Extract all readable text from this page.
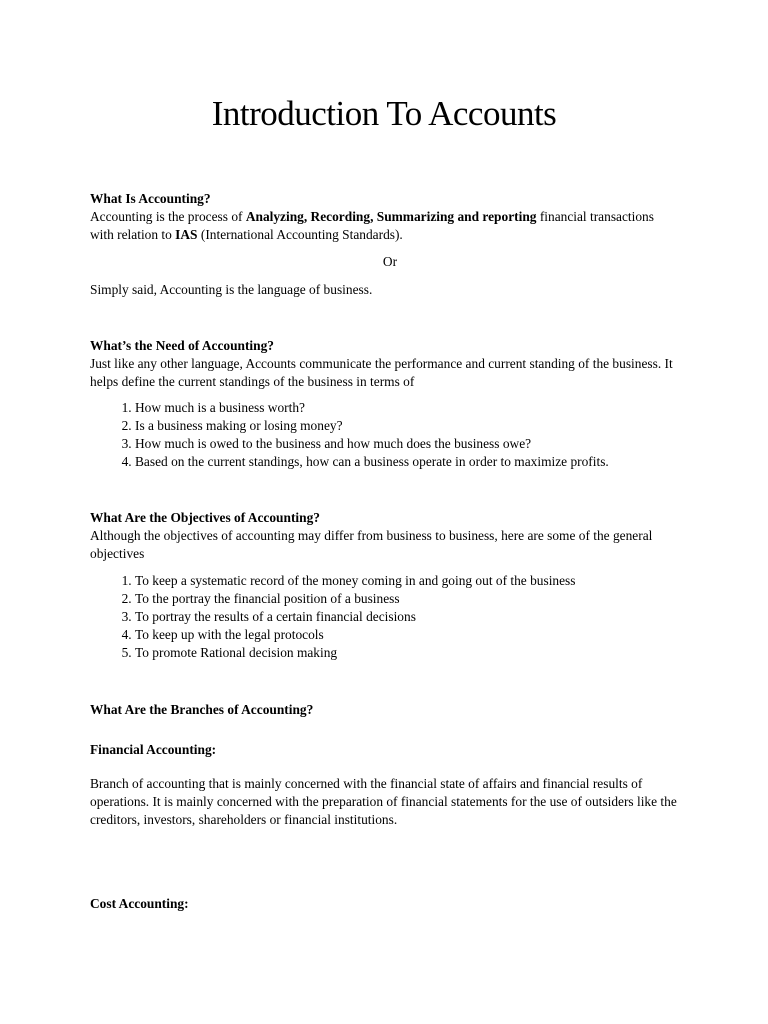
Introduction To Accounts
What Is Accounting?

Accounting is the process of Analyzing, Recording, Summarizing and reporting financial transactions
with relation to IAS (International Accounting Standards).

Or

Simply said, Accounting is the language of business.

What’s the Need of Accounting?

Just like any other language, Accounts communicate the performance and current standing of the business. It helps define the current standings of the business in terms of

1. How much is a business worth?
2. Is a business making or losing money?
3. How much is owed to the business and how much does the business owe?
4. Based on the current standings, how can a business operate in order to maximize profits.
What Are the Objectives of Accounting?

Although the objectives of accounting may differ from business to business, here are some of the general objectives

1. To keep a systematic record of the money coming in and going out of the business
2. To the portray the financial position of a business
3. To portray the results of a certain financial decisions
4. To keep up with the legal protocols
5. To promote Rational decision making
What Are the Branches of Accounting?
Financial Accounting:

Branch of accounting that is mainly concerned with the financial state of affairs and financial results of operations. It is mainly concerned with the preparation of financial statements for the use of outsiders like the creditors, investors, shareholders or financial institutions.

Cost Accounting:
